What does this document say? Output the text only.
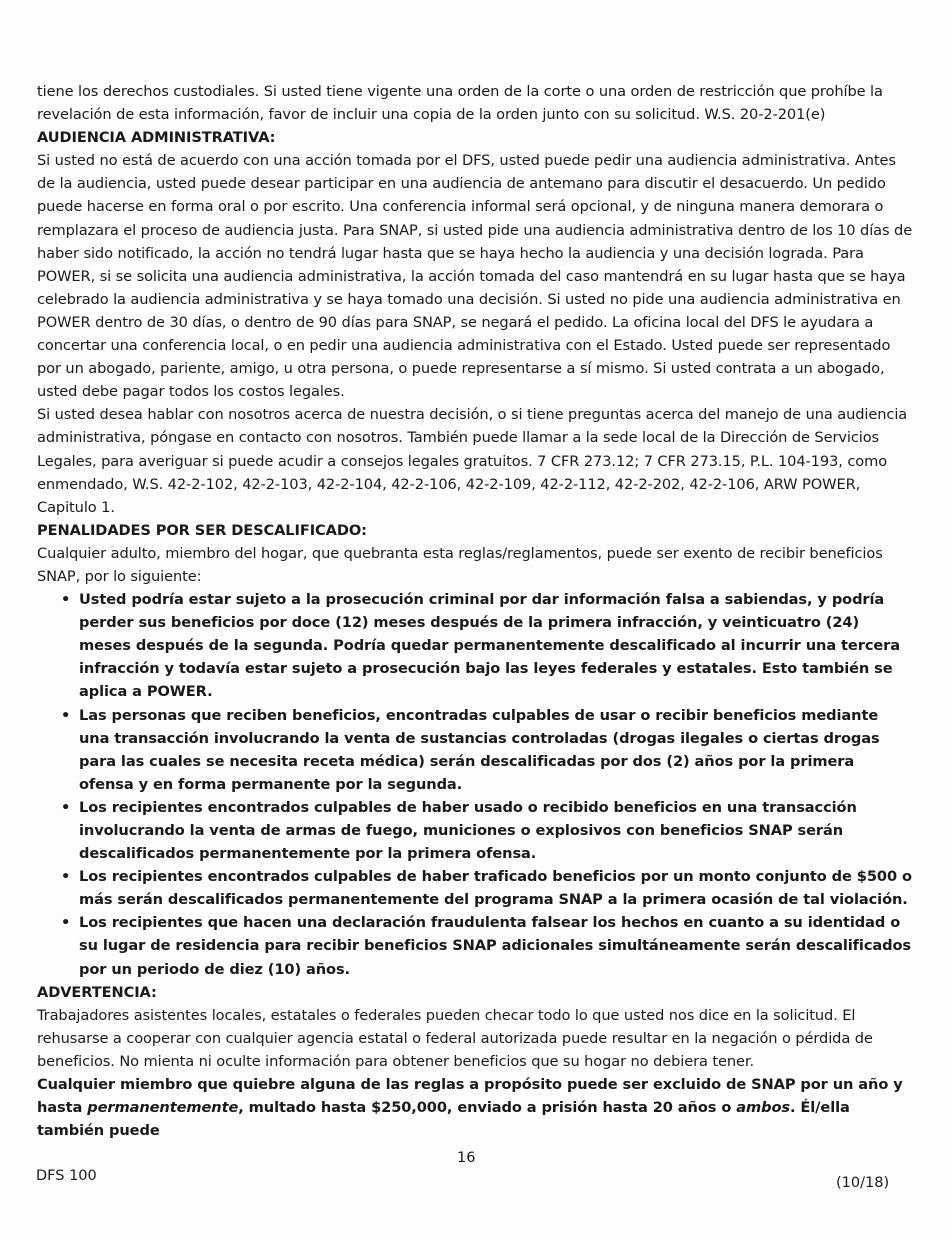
tiene los derechos custodiales. Si usted tiene vigente una orden de la corte o una orden de restricción que prohíbe la revelación de esta información, favor de incluir una copia de la orden junto con su solicitud. W.S. 20-2-201(e)

AUDIENCIA ADMINISTRATIVA:

Si usted no está de acuerdo con una acción tomada por el DFS, usted puede pedir una audiencia administrativa. Antes de la audiencia, usted puede desear participar en una audiencia de antemano para discutir el desacuerdo. Un pedido puede hacerse en forma oral o por escrito. Una conferencia informal será opcional, y de ninguna manera demorara o remplazara el proceso de audiencia justa. Para SNAP, si usted pide una audiencia administrativa dentro de los 10 días de haber sido notificado, la acción no tendrá lugar hasta que se haya hecho la audiencia y una decisión lograda. Para POWER, si se solicita una audiencia administrativa, la acción tomada del caso mantendrá en su lugar hasta que se haya celebrado la audiencia administrativa y se haya tomado una decisión. Si usted no pide una audiencia administrativa en POWER dentro de 30 días, o dentro de 90 días para SNAP, se negará el pedido. La oficina local del DFS le ayudara a concertar una conferencia local, o en pedir una audiencia administrativa con el Estado. Usted puede ser representado por un abogado, pariente, amigo, u otra persona, o puede representarse a sí mismo. Si usted contrata a un abogado, usted debe pagar todos los costos legales.

Si usted desea hablar con nosotros acerca de nuestra decisión, o si tiene preguntas acerca del manejo de una audiencia administrativa, póngase en contacto con nosotros. También puede llamar a la sede local de la Dirección de Servicios Legales, para averiguar si puede acudir a consejos legales gratuitos. 7 CFR 273.12; 7 CFR 273.15, P.L. 104-193, como enmendado, W.S. 42-2-102, 42-2-103, 42-2-104, 42-2-106, 42-2-109, 42-2-112, 42-2-202, 42-2-106, ARW POWER, Capitulo 1.

PENALIDADES POR SER DESCALIFICADO:

Cualquier adulto, miembro del hogar, que quebranta esta reglas/reglamentos, puede ser exento de recibir beneficios SNAP, por lo siguiente:

• Usted podría estar sujeto a la prosecución criminal por dar información falsa a sabiendas, y podría perder sus beneficios por doce (12) meses después de la primera infracción, y veinticuatro (24) meses después de la segunda. Podría quedar permanentemente descalificado al incurrir una tercera infracción y todavía estar sujeto a prosecución bajo las leyes federales y estatales. Esto también se aplica a POWER.
• Las personas que reciben beneficios, encontradas culpables de usar o recibir beneficios mediante una transacción involucrando la venta de sustancias controladas (drogas ilegales o ciertas drogas para las cuales se necesita receta médica) serán descalificadas por dos (2) años por la primera ofensa y en forma permanente por la segunda.
• Los recipientes encontrados culpables de haber usado o recibido beneficios en una transacción involucrando la venta de armas de fuego, municiones o explosivos con beneficios SNAP serán descalificados permanentemente por la primera ofensa.
• Los recipientes encontrados culpables de haber traficado beneficios por un monto conjunto de $500 o más serán descalificados permanentemente del programa SNAP a la primera ocasión de tal violación.
• Los recipientes que hacen una declaración fraudulenta falsear los hechos en cuanto a su identidad o su lugar de residencia para recibir beneficios SNAP adicionales simultáneamente serán descalificados por un periodo de diez (10) años.

ADVERTENCIA:

Trabajadores asistentes locales, estatales o federales pueden checar todo lo que usted nos dice en la solicitud. El rehusarse a cooperar con cualquier agencia estatal o federal autorizada puede resultar en la negación o pérdida de beneficios. No mienta ni oculte información para obtener beneficios que su hogar no debiera tener.

Cualquier miembro que quiebre alguna de las reglas a propósito puede ser excluido de SNAP por un año y hasta permanentemente, multado hasta $250,000, enviado a prisión hasta 20 años o ambos. Él/ella también puede

16
DFS 100	(10/18)
